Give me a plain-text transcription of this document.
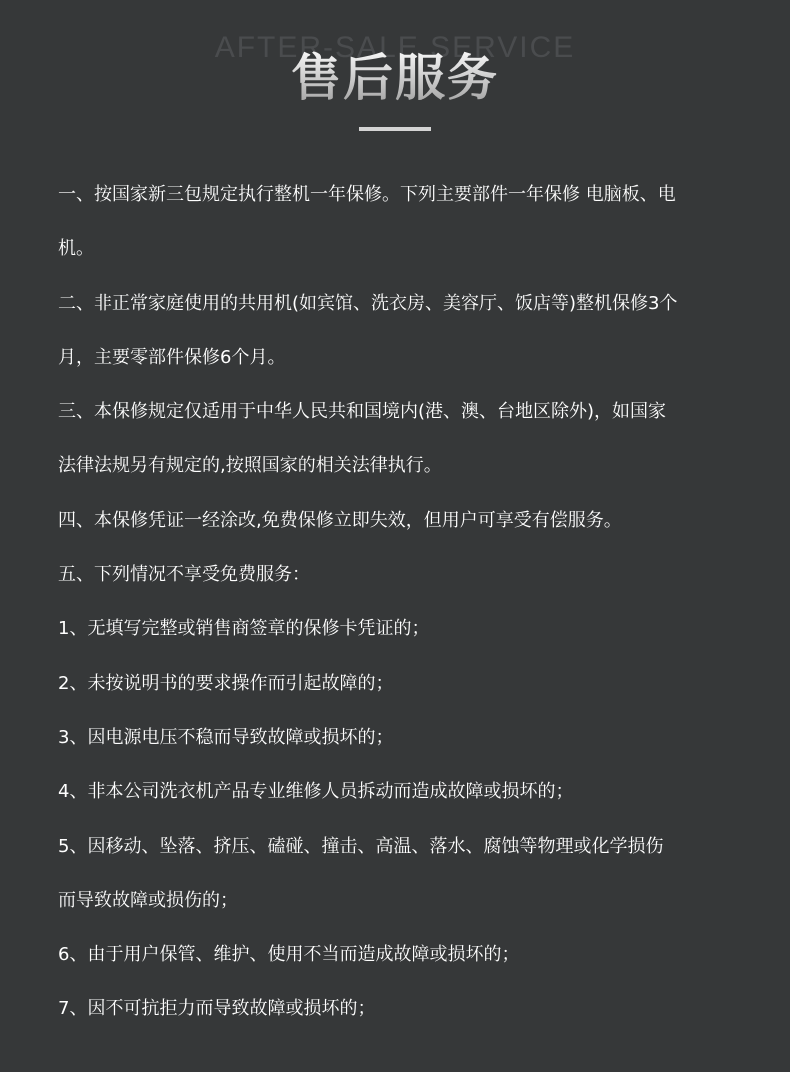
售后服务

一、按国家新三包规定执行整机一年保修。下列主要部件一年保修 电脑板、电

机。

二、非正常家庭使用的共用机(如宾馆、洗衣房、美容厅、饭店等)整机保修3个

月，主要零部件保修6个月。

三、本保修规定仅适用于中华人民共和国境内(港、澳、台地区除外)，如国家

法律法规另有规定的,按照国家的相关法律执行。

四、本保修凭证一经涂改,免费保修立即失效，但用户可享受有偿服务。

五、下列情况不享受免费服务：

1、无填写完整或销售商签章的保修卡凭证的；

2、未按说明书的要求操作而引起故障的；

3、因电源电压不稳而导致故障或损坏的；

4、非本公司洗衣机产品专业维修人员拆动而造成故障或损坏的；

5、因移动、坠落、挤压、磕碰、撞击、高温、落水、腐蚀等物理或化学损伤

而导致故障或损伤的；

6、由于用户保管、维护、使用不当而造成故障或损坏的；

7、因不可抗拒力而导致故障或损坏的；
